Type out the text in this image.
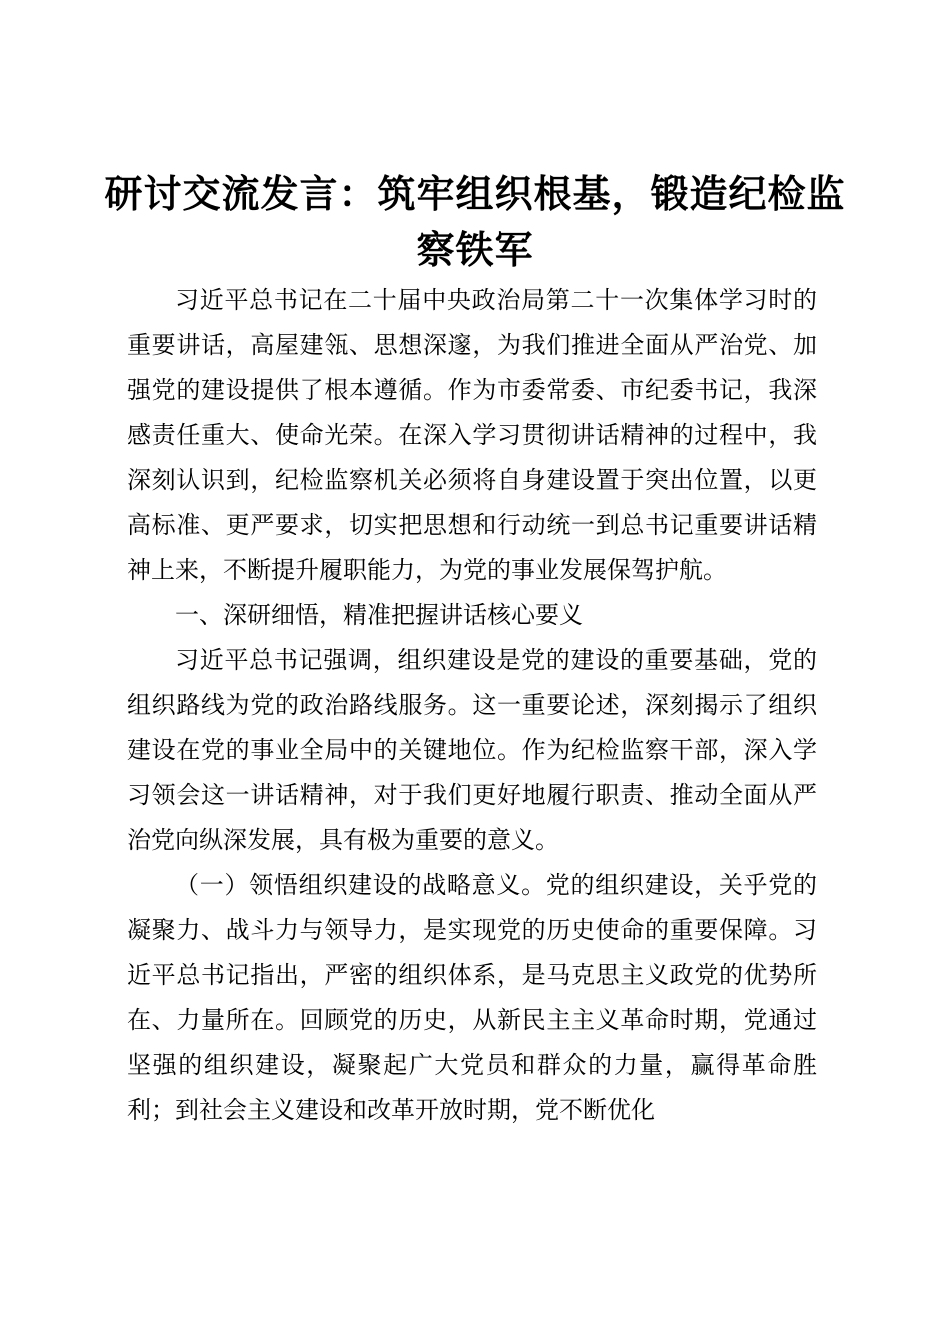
研讨交流发言：筑牢组织根基，锻造纪检监察铁军

习近平总书记在二十届中央政治局第二十一次集体学习时的重要讲话，高屋建瓴、思想深邃，为我们推进全面从严治党、加强党的建设提供了根本遵循。作为市委常委、市纪委书记，我深感责任重大、使命光荣。在深入学习贯彻讲话精神的过程中，我深刻认识到，纪检监察机关必须将自身建设置于突出位置，以更高标准、更严要求，切实把思想和行动统一到总书记重要讲话精神上来，不断提升履职能力，为党的事业发展保驾护航。

一、深研细悟，精准把握讲话核心要义

习近平总书记强调，组织建设是党的建设的重要基础，党的组织路线为党的政治路线服务。这一重要论述，深刻揭示了组织建设在党的事业全局中的关键地位。作为纪检监察干部，深入学习领会这一讲话精神，对于我们更好地履行职责、推动全面从严治党向纵深发展，具有极为重要的意义。

（一）领悟组织建设的战略意义。党的组织建设，关乎党的凝聚力、战斗力与领导力，是实现党的历史使命的重要保障。习近平总书记指出，严密的组织体系，是马克思主义政党的优势所在、力量所在。回顾党的历史，从新民主主义革命时期，党通过坚强的组织建设，凝聚起广大党员和群众的力量，赢得革命胜利；到社会主义建设和改革开放时期，党不断优化
